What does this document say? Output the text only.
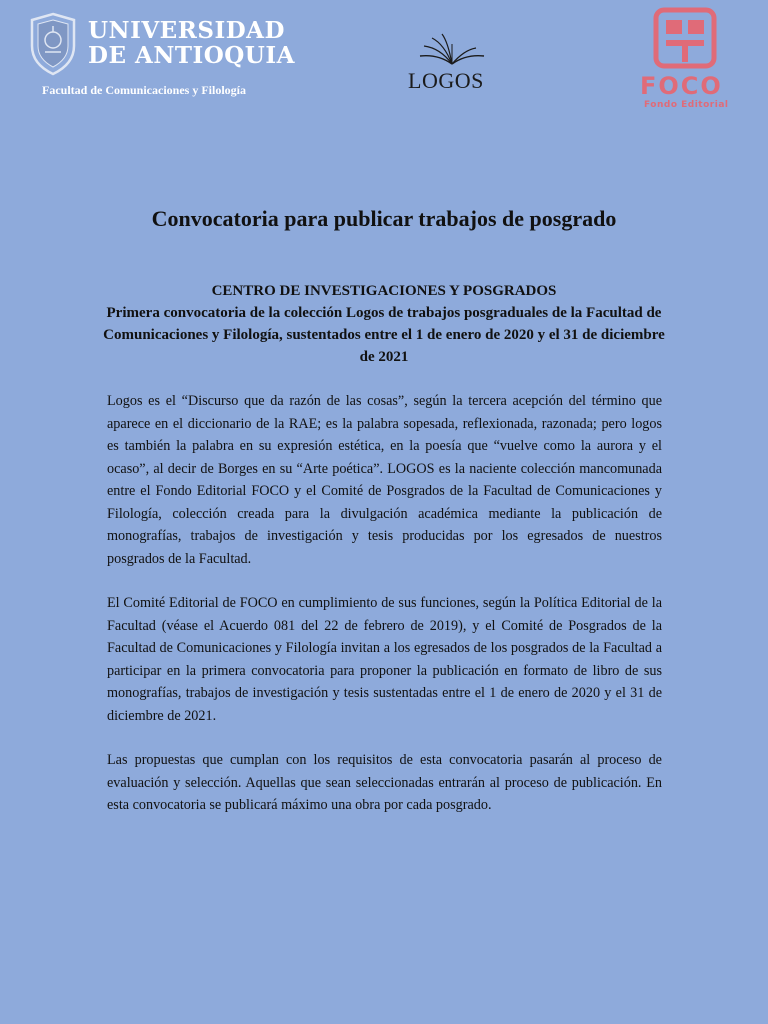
UNIVERSIDAD
DE ANTIOQUIA
Facultad de Comunicaciones y Filología	LOGOS	FOCO
Fondo Editorial
Convocatoria para publicar trabajos de posgrado
CENTRO DE INVESTIGACIONES Y POSGRADOS
Primera convocatoria de la colección Logos de trabajos posgraduales de la Facultad de Comunicaciones y Filología, sustentados entre el 1 de enero de 2020 y el 31 de diciembre de 2021

Logos es el “Discurso que da razón de las cosas”, según la tercera acepción del término que aparece en el diccionario de la RAE; es la palabra sopesada, reflexionada, razonada; pero logos es también la palabra en su expresión estética, en la poesía que “vuelve como la aurora y el ocaso”, al decir de Borges en su “Arte poética”. LOGOS es la naciente colección mancomunada entre el Fondo Editorial FOCO y el Comité de Posgrados de la Facultad de Comunicaciones y Filología, colección creada para la divulgación académica mediante la publicación de monografías, trabajos de investigación y tesis producidas por los egresados de nuestros posgrados de la Facultad.

El Comité Editorial de FOCO en cumplimiento de sus funciones, según la Política Editorial de la Facultad (véase el Acuerdo 081 del 22 de febrero de 2019), y el Comité de Posgrados de la Facultad de Comunicaciones y Filología invitan a los egresados de los posgrados de la Facultad a participar en la primera convocatoria para proponer la publicación en formato de libro de sus monografías, trabajos de investigación y tesis sustentadas entre el 1 de enero de 2020 y el 31 de diciembre de 2021.

Las propuestas que cumplan con los requisitos de esta convocatoria pasarán al proceso de evaluación y selección. Aquellas que sean seleccionadas entrarán al proceso de publicación. En esta convocatoria se publicará máximo una obra por cada posgrado.
